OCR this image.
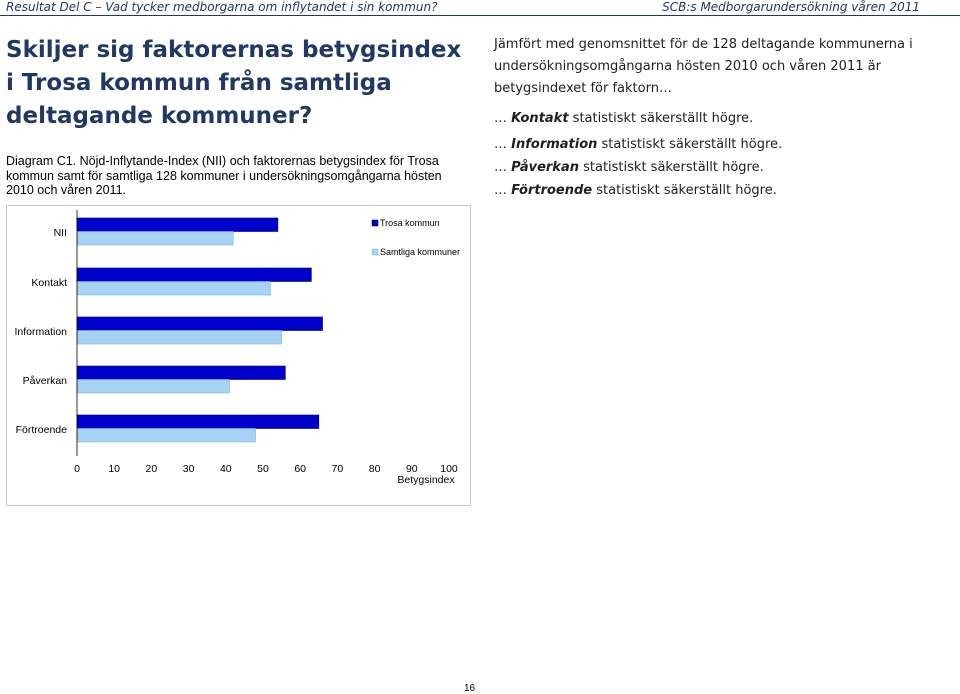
Resultat Del C – Vad tycker medborgarna om inflytandet i sin kommun?	SCB:s Medborgarundersökning våren 2011
Skiljer sig faktorernas betygsindex i Trosa kommun från samtliga deltagande kommuner?
Diagram C1. Nöjd-Inflytande-Index (NII) och faktorernas betygsindex för Trosa kommun samt för samtliga 128 kommuner i undersökningsomgångarna hösten 2010 och våren 2011.

Jämfört med genomsnittet för de 128 deltagande kommunerna i undersökningsomgångarna hösten 2010 och våren 2011 är betygsindexet för faktorn…

… Kontakt statistiskt säkerställt högre.

… Information statistiskt säkerställt högre.

… Påverkan statistiskt säkerställt högre.

… Förtroende statistiskt säkerställt högre.

NII
Kontakt
Information
Påverkan
Förtroende
0	10 20 30 40 50 60 70 80 90 100
Betygsindex
Trosa kommun
Samtliga kommuner
16
